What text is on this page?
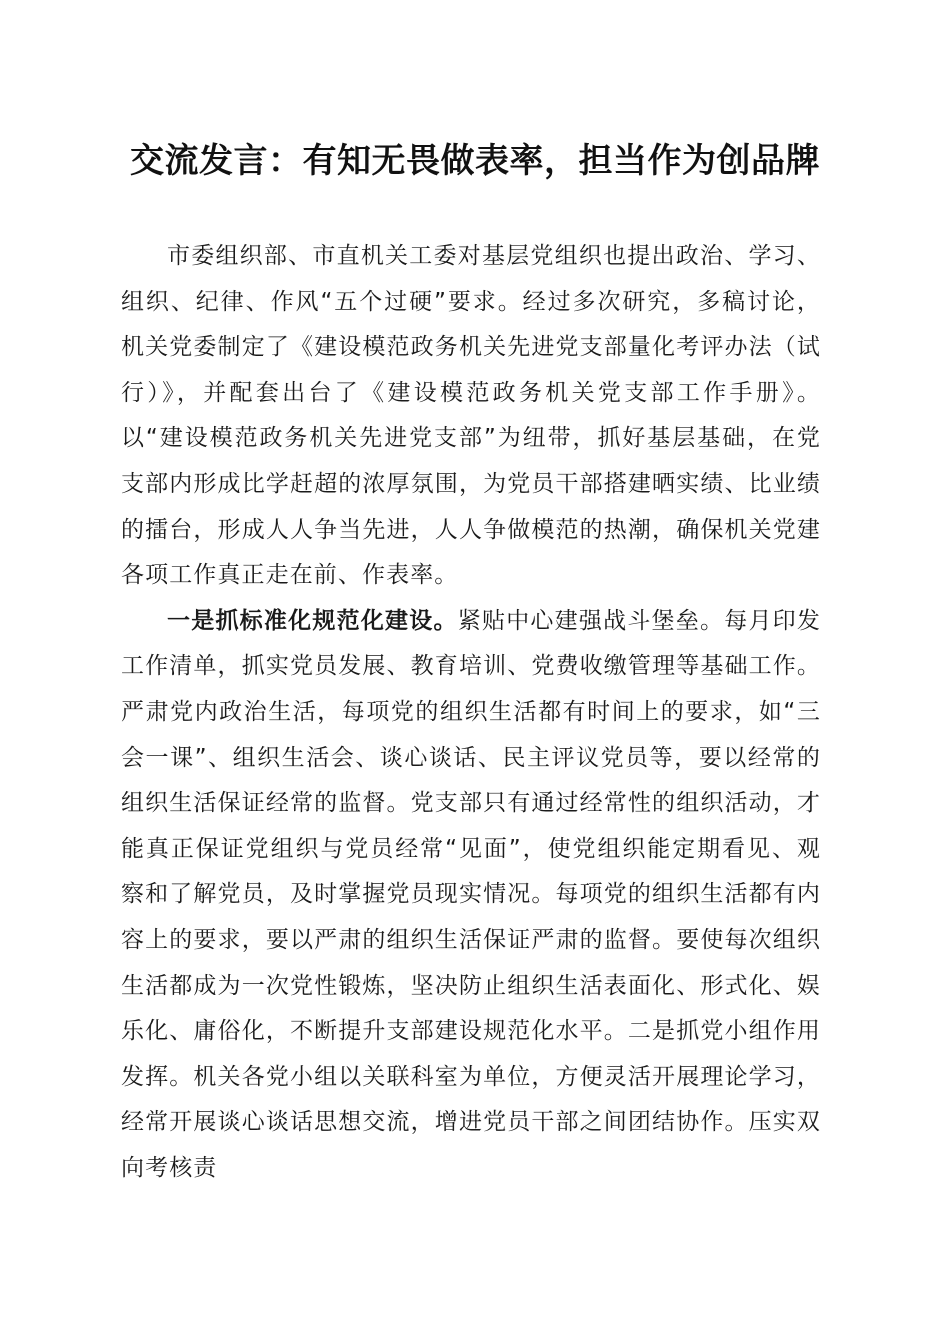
交流发言：有知无畏做表率，担当作为创品牌

市委组织部、市直机关工委对基层党组织也提出政治、学习、组织、纪律、作风“五个过硬”要求。经过多次研究，多稿讨论，机关党委制定了《建设模范政务机关先进党支部量化考评办法（试行）》，并配套出台了《建设模范政务机关党支部工作手册》。以“建设模范政务机关先进党支部”为纽带，抓好基层基础，在党支部内形成比学赶超的浓厚氛围，为党员干部搭建晒实绩、比业绩的擂台，形成人人争当先进，人人争做模范的热潮，确保机关党建各项工作真正走在前、作表率。

一是抓标准化规范化建设。紧贴中心建强战斗堡垒。每月印发工作清单，抓实党员发展、教育培训、党费收缴管理等基础工作。严肃党内政治生活，每项党的组织生活都有时间上的要求，如“三会一课”、组织生活会、谈心谈话、民主评议党员等，要以经常的组织生活保证经常的监督。党支部只有通过经常性的组织活动，才能真正保证党组织与党员经常“见面”，使党组织能定期看见、观察和了解党员，及时掌握党员现实情况。每项党的组织生活都有内容上的要求，要以严肃的组织生活保证严肃的监督。要使每次组织生活都成为一次党性锻炼，坚决防止组织生活表面化、形式化、娱乐化、庸俗化，不断提升支部建设规范化水平。二是抓党小组作用发挥。机关各党小组以关联科室为单位，方便灵活开展理论学习，经常开展谈心谈话思想交流，增进党员干部之间团结协作。压实双向考核责
